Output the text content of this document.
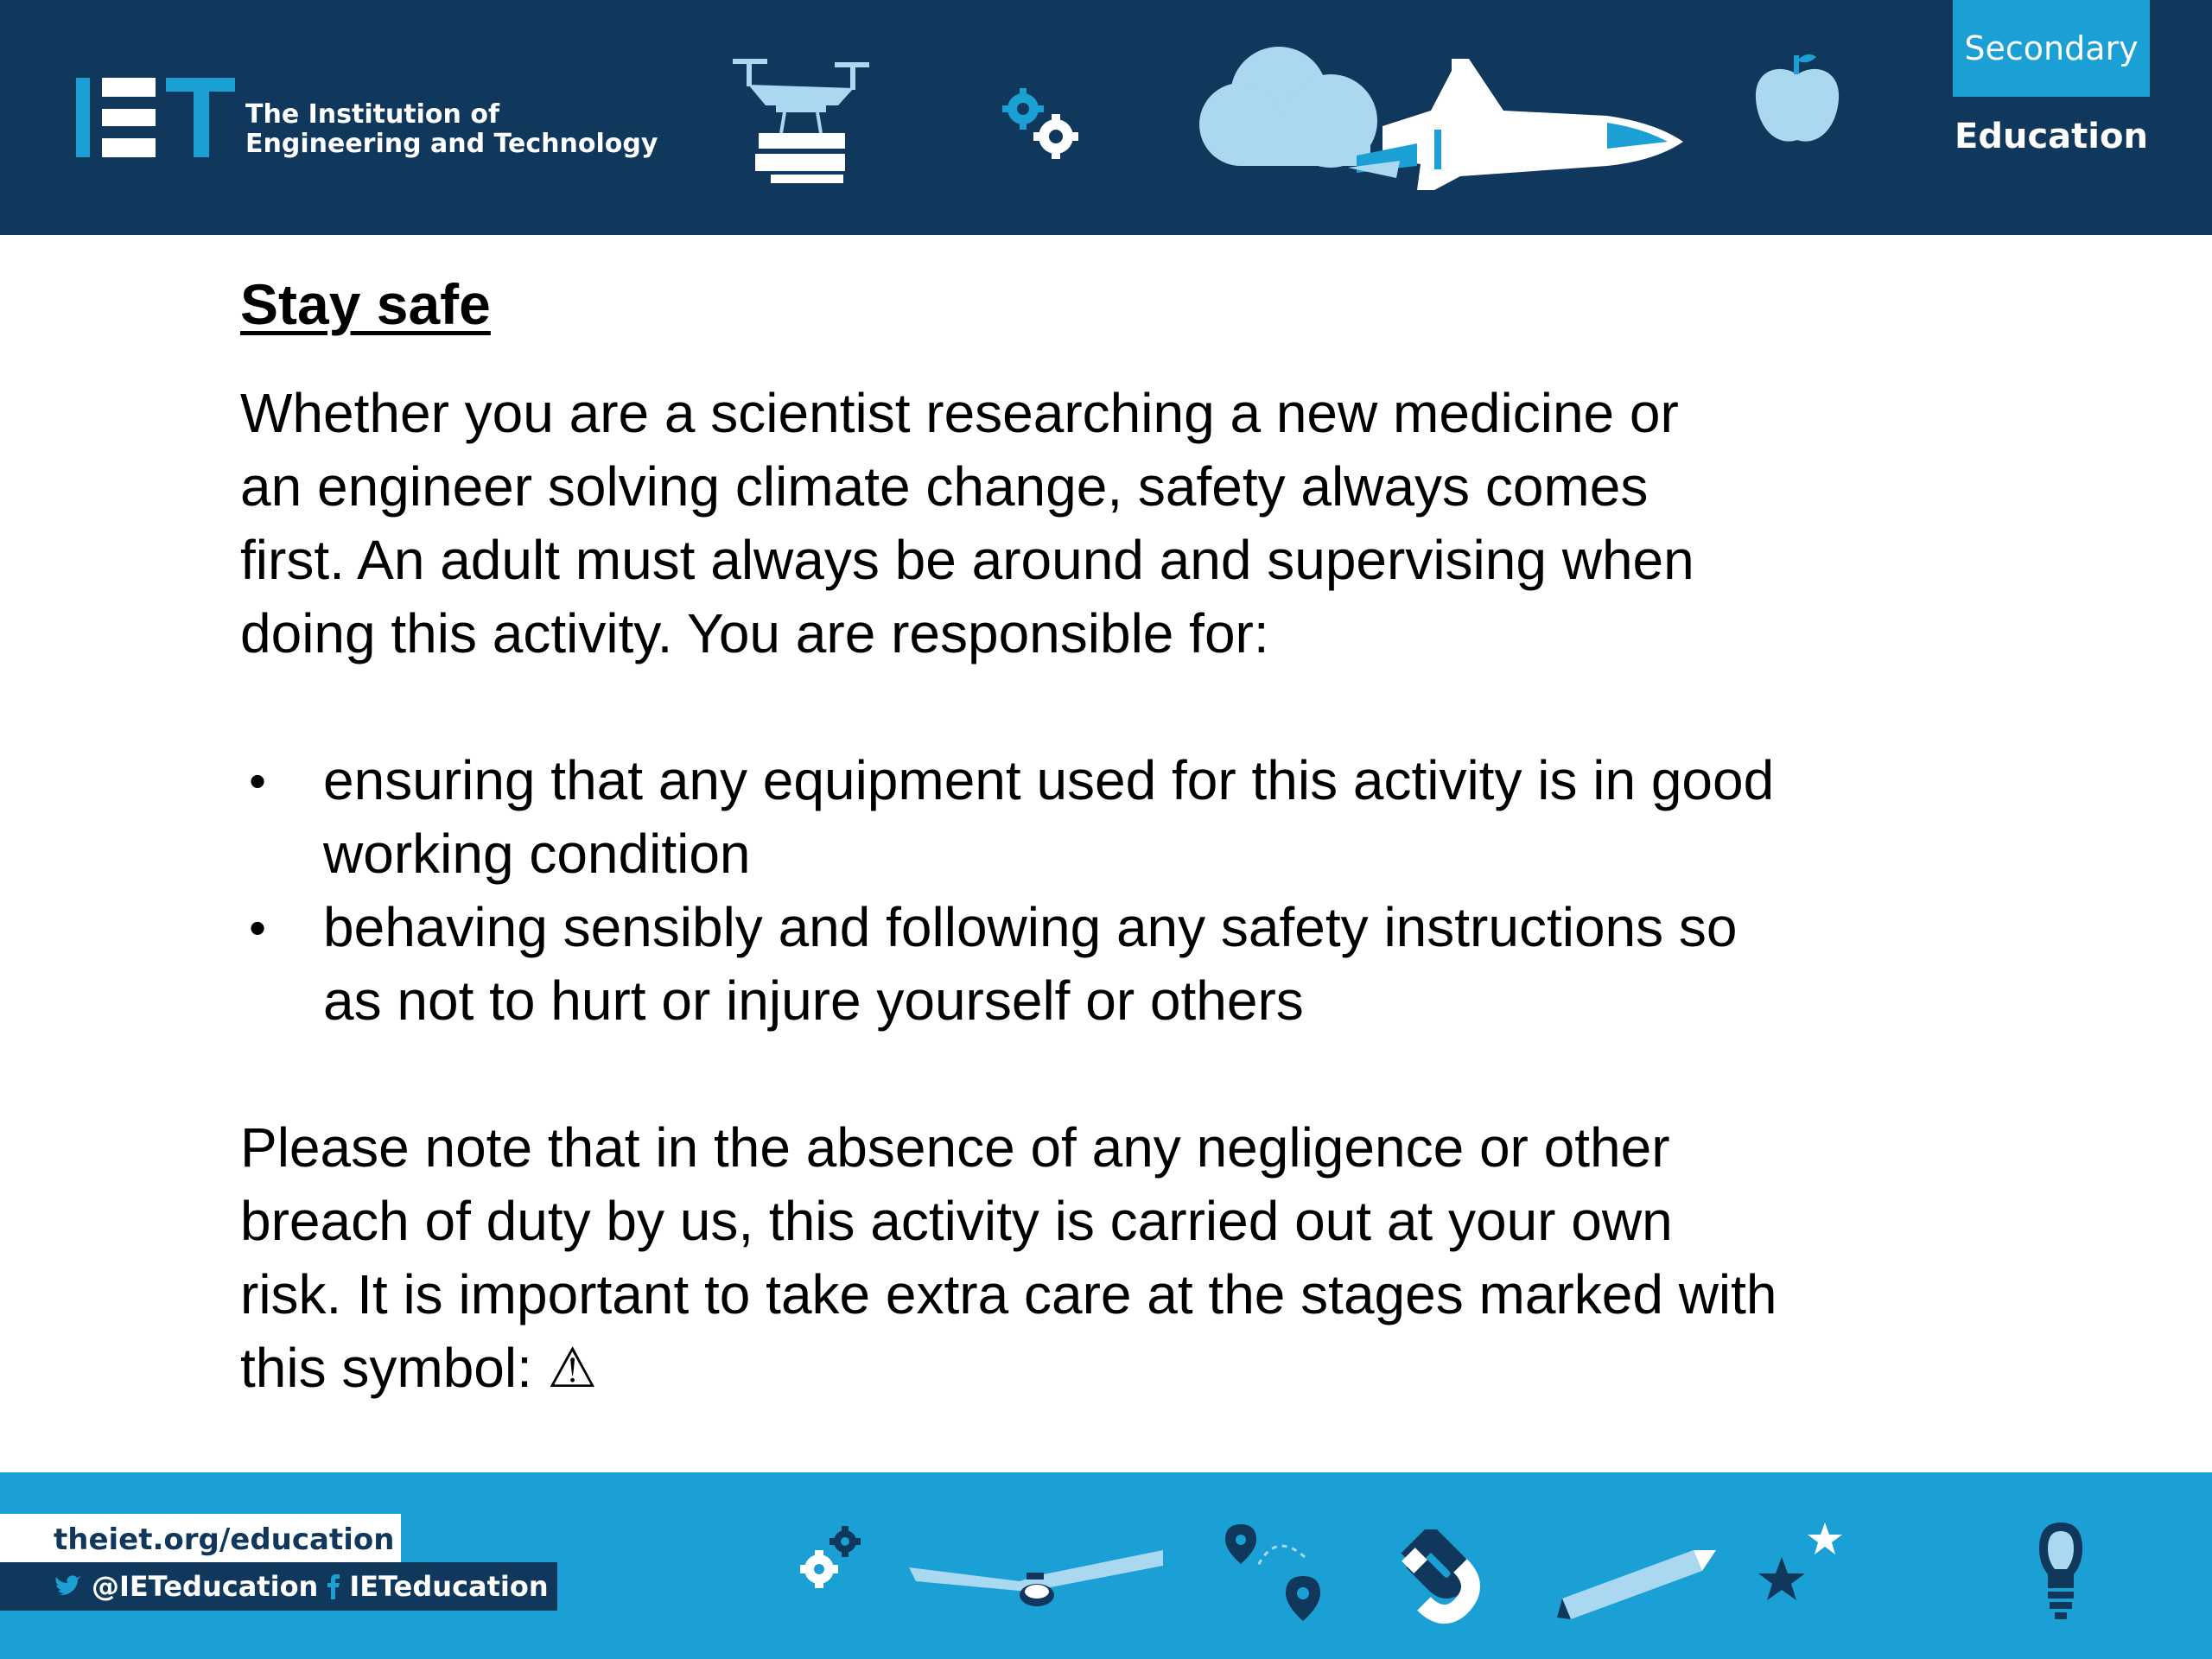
The Institution of
Engineering and Technology
Secondary
Education
Stay safe

Whether you are a scientist researching a new medicine or
an engineer solving climate change, safety always comes
first. An adult must always be around and supervising when
doing this activity. You are responsible for:

• ensuring that any equipment used for this activity is in good
working condition
• behaving sensibly and following any safety instructions so
as not to hurt or injure yourself or others

Please note that in the absence of any negligence or other
breach of duty by us, this activity is carried out at your own
risk. It is important to take extra care at the stages marked with
this symbol: ⚠

theiet.org/education
@IETeducation IETeducation
